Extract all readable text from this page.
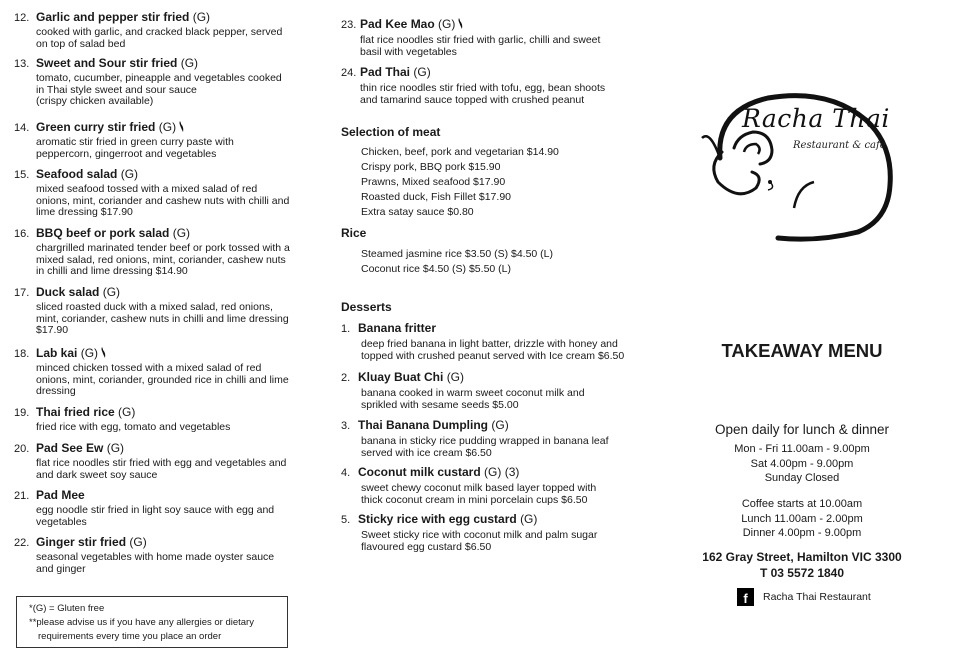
12. Garlic and pepper stir fried (G)
cooked with garlic, and cracked black pepper, served
on top of salad bed
13. Sweet and Sour stir fried (G)
tomato, cucumber, pineapple and vegetables cooked
in Thai style sweet and sour sauce
(crispy chicken available)
14. Green curry stir fried (G)
aromatic stir fried in green curry paste with
peppercorn, gingerroot and vegetables
15. Seafood salad (G)
mixed seafood tossed with a mixed salad of red
onions, mint, coriander and cashew nuts with chilli and
lime dressing $17.90
16. BBQ beef or pork salad (G)
chargrilled marinated tender beef or pork tossed with a
mixed salad, red onions, mint, coriander, cashew nuts
in chilli and lime dressing $14.90
17. Duck salad (G)
sliced roasted duck with a mixed salad, red onions,
mint, coriander, cashew nuts in chilli and lime dressing
$17.90
18. Lab kai (G)
minced chicken tossed with a mixed salad of red
onions, mint, coriander, grounded rice in chilli and lime
dressing
19. Thai fried rice (G)
fried rice with egg, tomato and vegetables
20. Pad See Ew (G)
flat rice noodles stir fried with egg and vegetables and
and dark sweet soy sauce
21. Pad Mee
egg noodle stir fried in light soy sauce with egg and
vegetables
22. Ginger stir fried (G)
seasonal vegetables with home made oyster sauce
and ginger
*(G) = Gluten free
**please advise us if you have any allergies or dietary
requirements every time you place an order
23. Pad Kee Mao (G)
flat rice noodles stir fried with garlic, chilli and sweet
basil with vegetables
24. Pad Thai (G)
thin rice noodles stir fried with tofu, egg, bean shoots
and tamarind sauce topped with crushed peanut
Selection of meat
Chicken, beef, pork and vegetarian $14.90
Crispy pork, BBQ pork $15.90
Prawns, Mixed seafood $17.90
Roasted duck, Fish Fillet $17.90
Extra satay sauce $0.80
Rice
Steamed jasmine rice $3.50 (S) $4.50 (L)
Coconut rice $4.50 (S) $5.50 (L)
Desserts
1. Banana fritter
deep fried banana in light batter, drizzle with honey and
topped with crushed peanut served with Ice cream $6.50
2. Kluay Buat Chi (G)
banana cooked in warm sweet coconut milk and
sprikled with sesame seeds $5.00
3. Thai Banana Dumpling (G)
banana in sticky rice pudding wrapped in banana leaf
served with ice cream $6.50
4. Coconut milk custard (G) (3)
sweet chewy coconut milk based layer topped with
thick coconut cream in mini porcelain cups $6.50
5. Sticky rice with egg custard (G)
Sweet sticky rice with coconut milk and palm sugar
flavoured egg custard $6.50
Racha Thai
Restaurant & cafe
TAKEAWAY MENU
Open daily for lunch & dinner
Mon - Fri 11.00am - 9.00pm
Sat 4.00pm - 9.00pm
Sunday Closed
Coffee starts at 10.00am
Lunch 11.00am - 2.00pm
Dinner 4.00pm - 9.00pm
162 Gray Street, Hamilton VIC 3300
T 03 5572 1840
f	Racha Thai Restaurant
